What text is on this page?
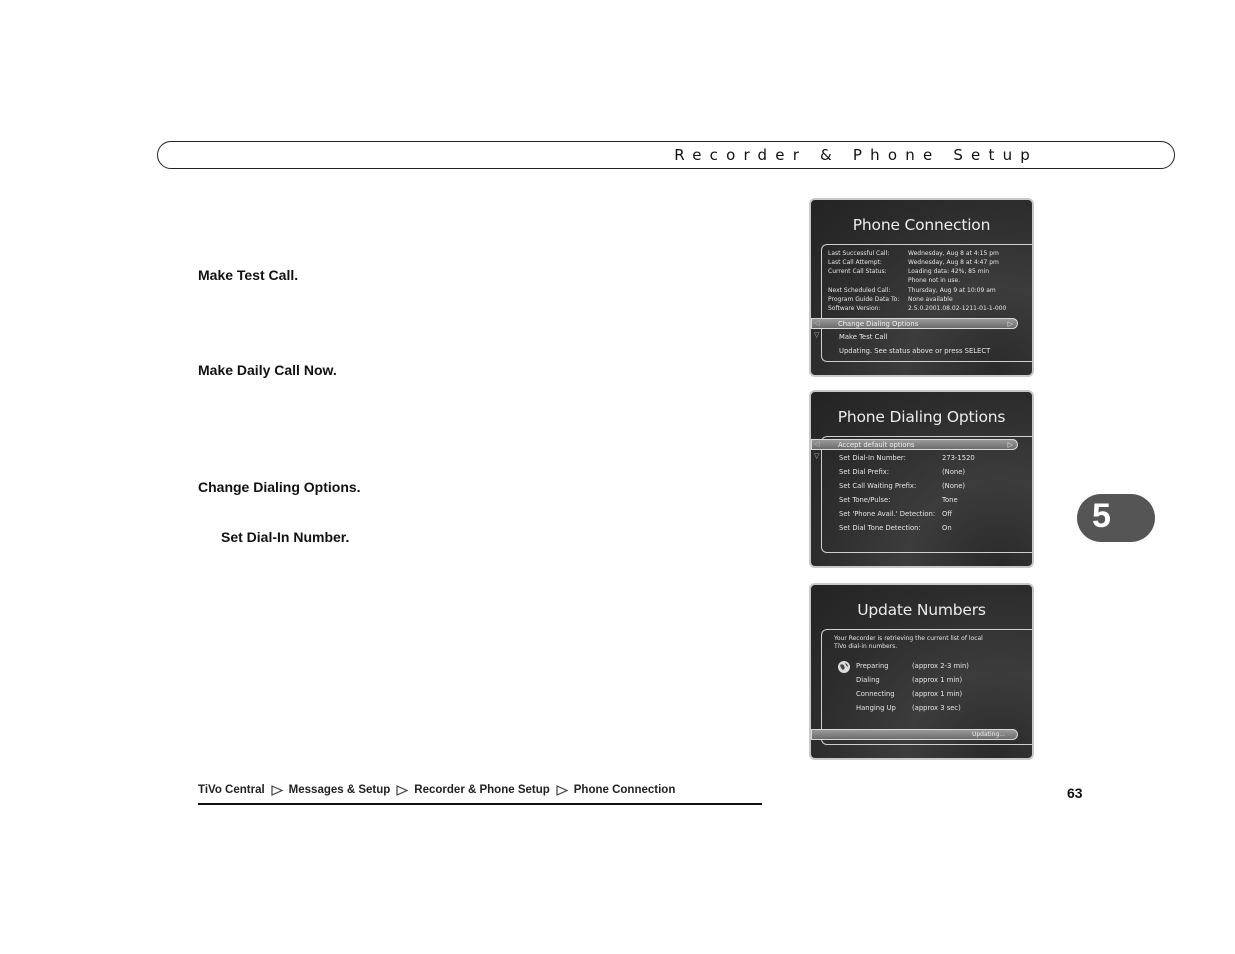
Recorder & Phone Setup
Make Test Call.
Make Daily Call Now.
Change Dialing Options.
Set Dial-In Number.
Phone Connection
Last Successful Call:	Wednesday, Aug 8 at 4:15 pm
Last Call Attempt:	Wednesday, Aug 8 at 4:47 pm
Current Call Status:	Loading data: 42%, 85 min
Phone not in use.
Next Scheduled Call:	Thursday, Aug 9 at 10:09 am
Program Guide Data To: None available
Software Version:	2.5.0.2001.08.02-1211-01-1-000
Change Dialing Options	▷
◁
▽	Make Test Call
Updating. See status above or press SELECT
Phone Dialing Options
Accept default options	▷
◁
▽	Set Dial-In Number:	273-1520
Set Dial Prefix:	(None)
Set Call Waiting Prefix:	(None)
Set Tone/Pulse:	Tone
Set 'Phone Avail.' Detection: Off
Set Dial Tone Detection:	On
Update Numbers
Your Recorder is retrieving the current list of local
TiVo dial-in numbers.
Preparing	(approx 2-3 min)
Dialing	(approx 1 min)
Connecting	(approx 1 min)
Hanging Up (approx 3 sec)
Updating...
5
TiVo Central Messages & Setup Recorder & Phone Setup Phone Connection	63
